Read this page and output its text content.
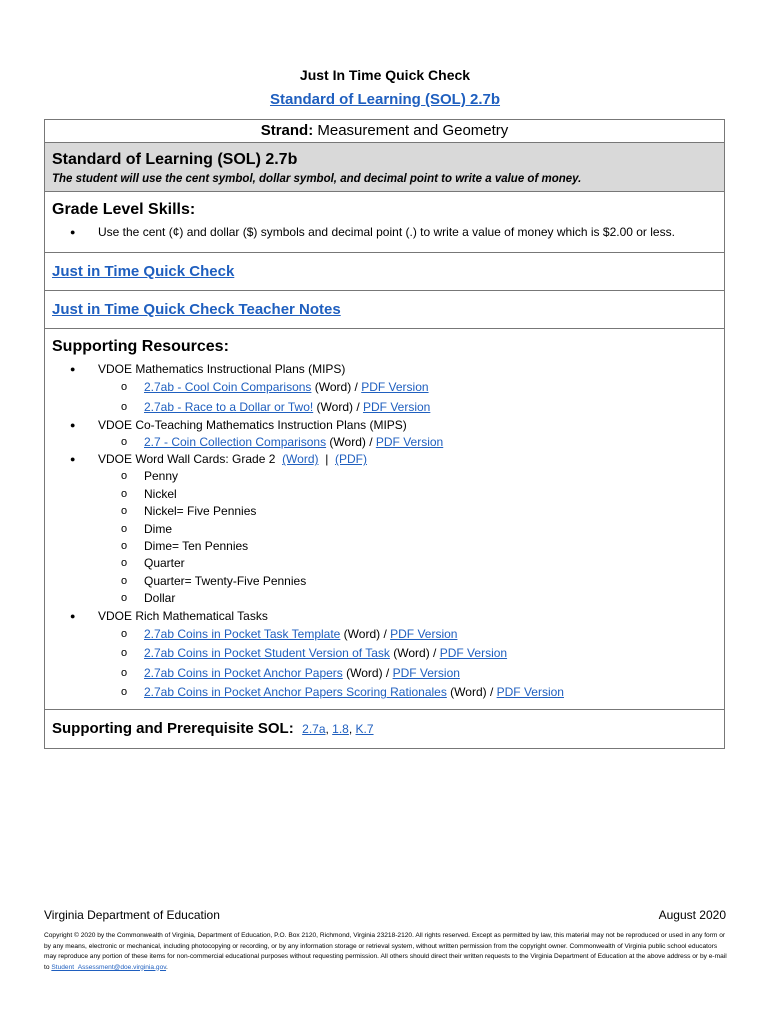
Just In Time Quick Check
Standard of Learning (SOL) 2.7b
Strand: Measurement and Geometry

Standard of Learning (SOL) 2.7b
The student will use the cent symbol, dollar symbol, and decimal point to write a value of money.

Grade Level Skills:
● Use the cent (¢) and dollar ($) symbols and decimal point (.) to write a value of money which is $2.00 or less.

Just in Time Quick Check
Just in Time Quick Check Teacher Notes

Supporting Resources:
● VDOE Mathematics Instructional Plans (MIPS)
o 2.7ab - Cool Coin Comparisons (Word) / PDF Version
o 2.7ab - Race to a Dollar or Two! (Word) / PDF Version
● VDOE Co-Teaching Mathematics Instruction Plans (MIPS)
o 2.7 - Coin Collection Comparisons (Word) / PDF Version
● VDOE Word Wall Cards: Grade 2 (Word) | (PDF)
o Penny
o Nickel
o Nickel= Five Pennies
o Dime
o Dime= Ten Pennies
o Quarter
o Quarter= Twenty-Five Pennies
o Dollar
● VDOE Rich Mathematical Tasks
o 2.7ab Coins in Pocket Task Template (Word) / PDF Version
o 2.7ab Coins in Pocket Student Version of Task (Word) / PDF Version
o 2.7ab Coins in Pocket Anchor Papers (Word) / PDF Version
o 2.7ab Coins in Pocket Anchor Papers Scoring Rationales (Word) / PDF Version

Supporting and Prerequisite SOL: 2.7a, 1.8, K.7
Virginia Department of Education	August 2020
Copyright © 2020 by the Commonwealth of Virginia, Department of Education, P.O. Box 2120, Richmond, Virginia 23218-2120. All rights reserved. Except as permitted by law, this material may not be reproduced or used in any form or by any means, electronic or mechanical, including photocopying or recording, or by any information storage or retrieval system, without written permission from the copyright owner. Commonwealth of Virginia public school educators may reproduce any portion of these items for non-commercial educational purposes without requesting permission. All others should direct their written requests to the Virginia Department of Education at the above address or by e-mail to Student_Assessment@doe.virginia.gov.
